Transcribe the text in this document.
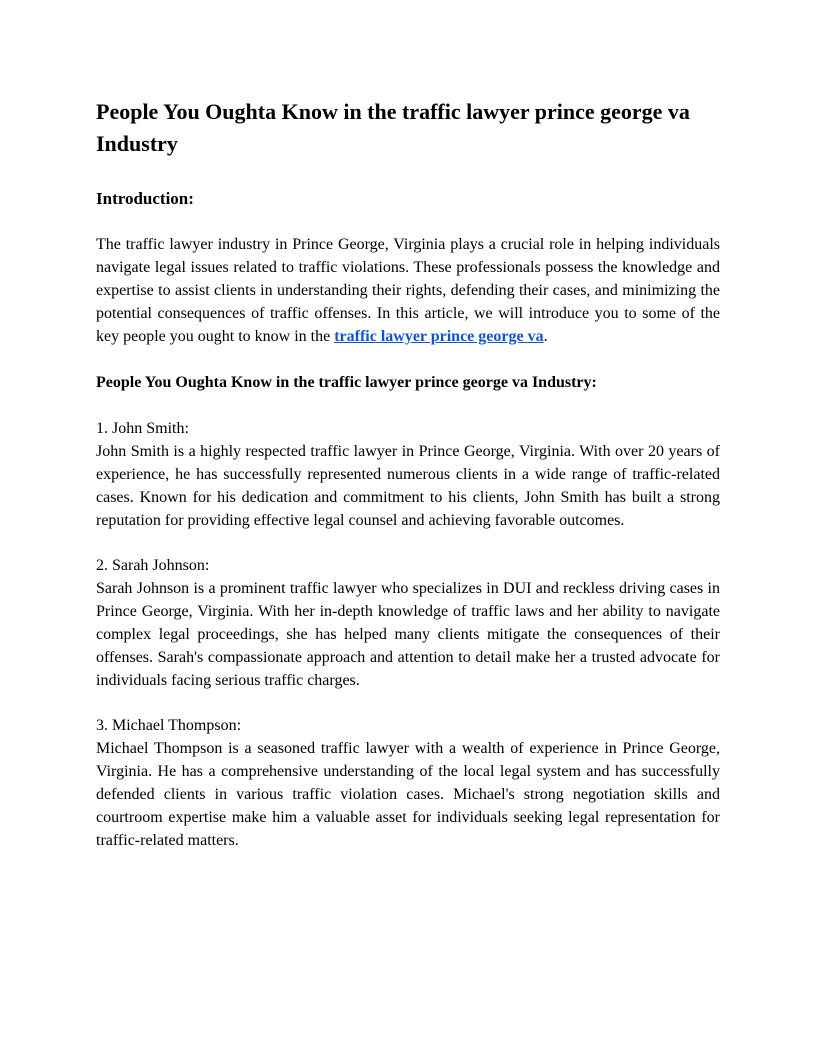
People You Oughta Know in the traffic lawyer prince george va Industry
Introduction:

The traffic lawyer industry in Prince George, Virginia plays a crucial role in helping individuals navigate legal issues related to traffic violations. These professionals possess the knowledge and expertise to assist clients in understanding their rights, defending their cases, and minimizing the potential consequences of traffic offenses. In this article, we will introduce you to some of the key people you ought to know in the traffic lawyer prince george va.

People You Oughta Know in the traffic lawyer prince george va Industry:

1. John Smith:
John Smith is a highly respected traffic lawyer in Prince George, Virginia. With over 20 years of experience, he has successfully represented numerous clients in a wide range of traffic-related cases. Known for his dedication and commitment to his clients, John Smith has built a strong reputation for providing effective legal counsel and achieving favorable outcomes.

2. Sarah Johnson:
Sarah Johnson is a prominent traffic lawyer who specializes in DUI and reckless driving cases in Prince George, Virginia. With her in-depth knowledge of traffic laws and her ability to navigate complex legal proceedings, she has helped many clients mitigate the consequences of their offenses. Sarah's compassionate approach and attention to detail make her a trusted advocate for individuals facing serious traffic charges.

3. Michael Thompson:
Michael Thompson is a seasoned traffic lawyer with a wealth of experience in Prince George, Virginia. He has a comprehensive understanding of the local legal system and has successfully defended clients in various traffic violation cases. Michael's strong negotiation skills and courtroom expertise make him a valuable asset for individuals seeking legal representation for traffic-related matters.
